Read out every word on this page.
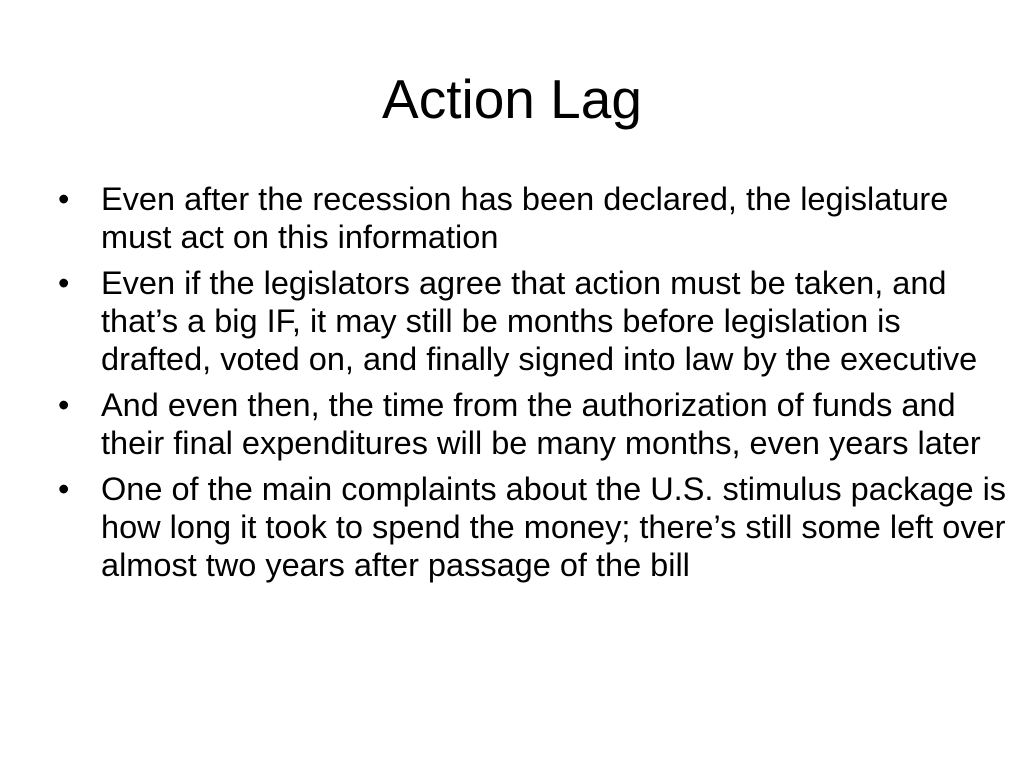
Action Lag
• Even after the recession has been declared, the legislature must act on this information
• Even if the legislators agree that action must be taken, and that’s a big IF, it may still be months before legislation is drafted, voted on, and finally signed into law by the executive
• And even then, the time from the authorization of funds and their final expenditures will be many months, even years later
• One of the main complaints about the U.S. stimulus package is how long it took to spend the money; there’s still some left over almost two years after passage of the bill
